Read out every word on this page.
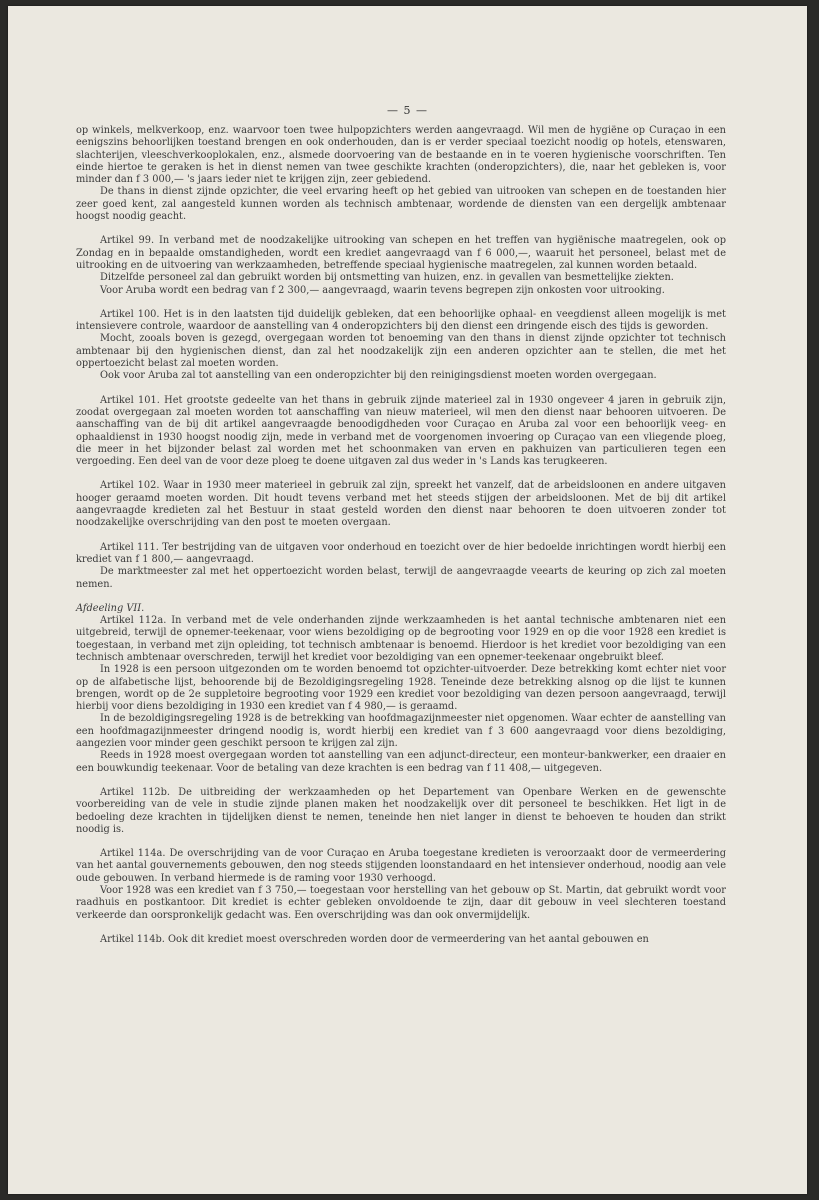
— 5 —

op winkels, melkverkoop, enz. waarvoor toen twee hulpopzichters werden aangevraagd. Wil men de hygiëne op Curaçao in een eenigszins behoorlijken toestand brengen en ook onderhouden, dan is er verder speciaal toezicht noodig op hotels, etenswaren, slachterijen, vleeschverkooplokalen, enz., alsmede doorvoering van de bestaande en in te voeren hygienische voorschriften. Ten einde hiertoe te geraken is het in dienst nemen van twee geschikte krachten (onderopzichters), die, naar het gebleken is, voor minder dan f 3 000,— 's jaars ieder niet te krijgen zijn, zeer gebiedend.

De thans in dienst zijnde opzichter, die veel ervaring heeft op het gebied van uitrooken van schepen en de toestanden hier zeer goed kent, zal aangesteld kunnen worden als technisch ambtenaar, wordende de diensten van een dergelijk ambtenaar hoogst noodig geacht.

Artikel 99. In verband met de noodzakelijke uitrooking van schepen en het treffen van hygiënische maatregelen, ook op Zondag en in bepaalde omstandigheden, wordt een krediet aangevraagd van f 6 000,—, waaruit het personeel, belast met de uitrooking en de uitvoering van werkzaamheden, betreffende speciaal hygienische maatregelen, zal kunnen worden betaald.

Ditzelfde personeel zal dan gebruikt worden bij ontsmetting van huizen, enz. in gevallen van besmettelijke ziekten.

Voor Aruba wordt een bedrag van f 2 300,— aangevraagd, waarin tevens begrepen zijn onkosten voor uitrooking.

Artikel 100. Het is in den laatsten tijd duidelijk gebleken, dat een behoorlijke ophaal- en veegdienst alleen mogelijk is met intensievere controle, waardoor de aanstelling van 4 onderopzichters bij den dienst een dringende eisch des tijds is geworden.

Mocht, zooals boven is gezegd, overgegaan worden tot benoeming van den thans in dienst zijnde opzichter tot technisch ambtenaar bij den hygienischen dienst, dan zal het noodzakelijk zijn een anderen opzichter aan te stellen, die met het oppertoezicht belast zal moeten worden.

Ook voor Aruba zal tot aanstelling van een onderopzichter bij den reinigingsdienst moeten worden overgegaan.

Artikel 101. Het grootste gedeelte van het thans in gebruik zijnde materieel zal in 1930 ongeveer 4 jaren in gebruik zijn, zoodat overgegaan zal moeten worden tot aanschaffing van nieuw materieel, wil men den dienst naar behooren uitvoeren. De aanschaffing van de bij dit artikel aangevraagde benoodigdheden voor Curaçao en Aruba zal voor een behoorlijk veeg- en ophaaldienst in 1930 hoogst noodig zijn, mede in verband met de voorgenomen invoering op Curaçao van een vliegende ploeg, die meer in het bijzonder belast zal worden met het schoonmaken van erven en pakhuizen van particulieren tegen een vergoeding. Een deel van de voor deze ploeg te doene uitgaven zal dus weder in 's Lands kas terugkeeren.

Artikel 102. Waar in 1930 meer materieel in gebruik zal zijn, spreekt het vanzelf, dat de arbeidsloonen en andere uitgaven hooger geraamd moeten worden. Dit houdt tevens verband met het steeds stijgen der arbeidsloonen. Met de bij dit artikel aangevraagde kredieten zal het Bestuur in staat gesteld worden den dienst naar behooren te doen uitvoeren zonder tot noodzakelijke overschrijding van den post te moeten overgaan.

Artikel 111. Ter bestrijding van de uitgaven voor onderhoud en toezicht over de hier bedoelde inrichtingen wordt hierbij een krediet van f 1 800,— aangevraagd.

De marktmeester zal met het oppertoezicht worden belast, terwijl de aangevraagde veearts de keuring op zich zal moeten nemen.

Afdeeling VII.

Artikel 112a. In verband met de vele onderhanden zijnde werkzaamheden is het aantal technische ambtenaren niet een uitgebreid, terwijl de opnemer-teekenaar, voor wiens bezoldiging op de begrooting voor 1929 en op die voor 1928 een krediet is toegestaan, in verband met zijn opleiding, tot technisch ambtenaar is benoemd. Hierdoor is het krediet voor bezoldiging van een technisch ambtenaar overschreden, terwijl het krediet voor bezoldiging van een opnemer-teekenaar ongebruikt bleef.

In 1928 is een persoon uitgezonden om te worden benoemd tot opzichter-uitvoerder. Deze betrekking komt echter niet voor op de alfabetische lijst, behoorende bij de Bezoldigingsregeling 1928. Teneinde deze betrekking alsnog op die lijst te kunnen brengen, wordt op de 2e suppletoire begrooting voor 1929 een krediet voor bezoldiging van dezen persoon aangevraagd, terwijl hierbij voor diens bezoldiging in 1930 een krediet van f 4 980,— is geraamd.

In de bezoldigingsregeling 1928 is de betrekking van hoofdmagazijnmeester niet opgenomen. Waar echter de aanstelling van een hoofdmagazijnmeester dringend noodig is, wordt hierbij een krediet van f 3 600 aangevraagd voor diens bezoldiging, aangezien voor minder geen geschikt persoon te krijgen zal zijn.

Reeds in 1928 moest overgegaan worden tot aanstelling van een adjunct-directeur, een monteur-bankwerker, een draaier en een bouwkundig teekenaar. Voor de betaling van deze krachten is een bedrag van f 11 408,— uitgegeven.

Artikel 112b. De uitbreiding der werkzaamheden op het Departement van Openbare Werken en de gewenschte voorbereiding van de vele in studie zijnde planen maken het noodzakelijk over dit personeel te beschikken. Het ligt in de bedoeling deze krachten in tijdelijken dienst te nemen, teneinde hen niet langer in dienst te behoeven te houden dan strikt noodig is.

Artikel 114a. De overschrijding van de voor Curaçao en Aruba toegestane kredieten is veroorzaakt door de vermeerdering van het aantal gouvernements gebouwen, den nog steeds stijgenden loonstandaard en het intensiever onderhoud, noodig aan vele oude gebouwen. In verband hiermede is de raming voor 1930 verhoogd.

Voor 1928 was een krediet van f 3 750,— toegestaan voor herstelling van het gebouw op St. Martin, dat gebruikt wordt voor raadhuis en postkantoor. Dit krediet is echter gebleken onvoldoende te zijn, daar dit gebouw in veel slechteren toestand verkeerde dan oorspronkelijk gedacht was. Een overschrijding was dan ook onvermijdelijk.

Artikel 114b. Ook dit krediet moest overschreden worden door de vermeerdering van het aantal gebouwen en
